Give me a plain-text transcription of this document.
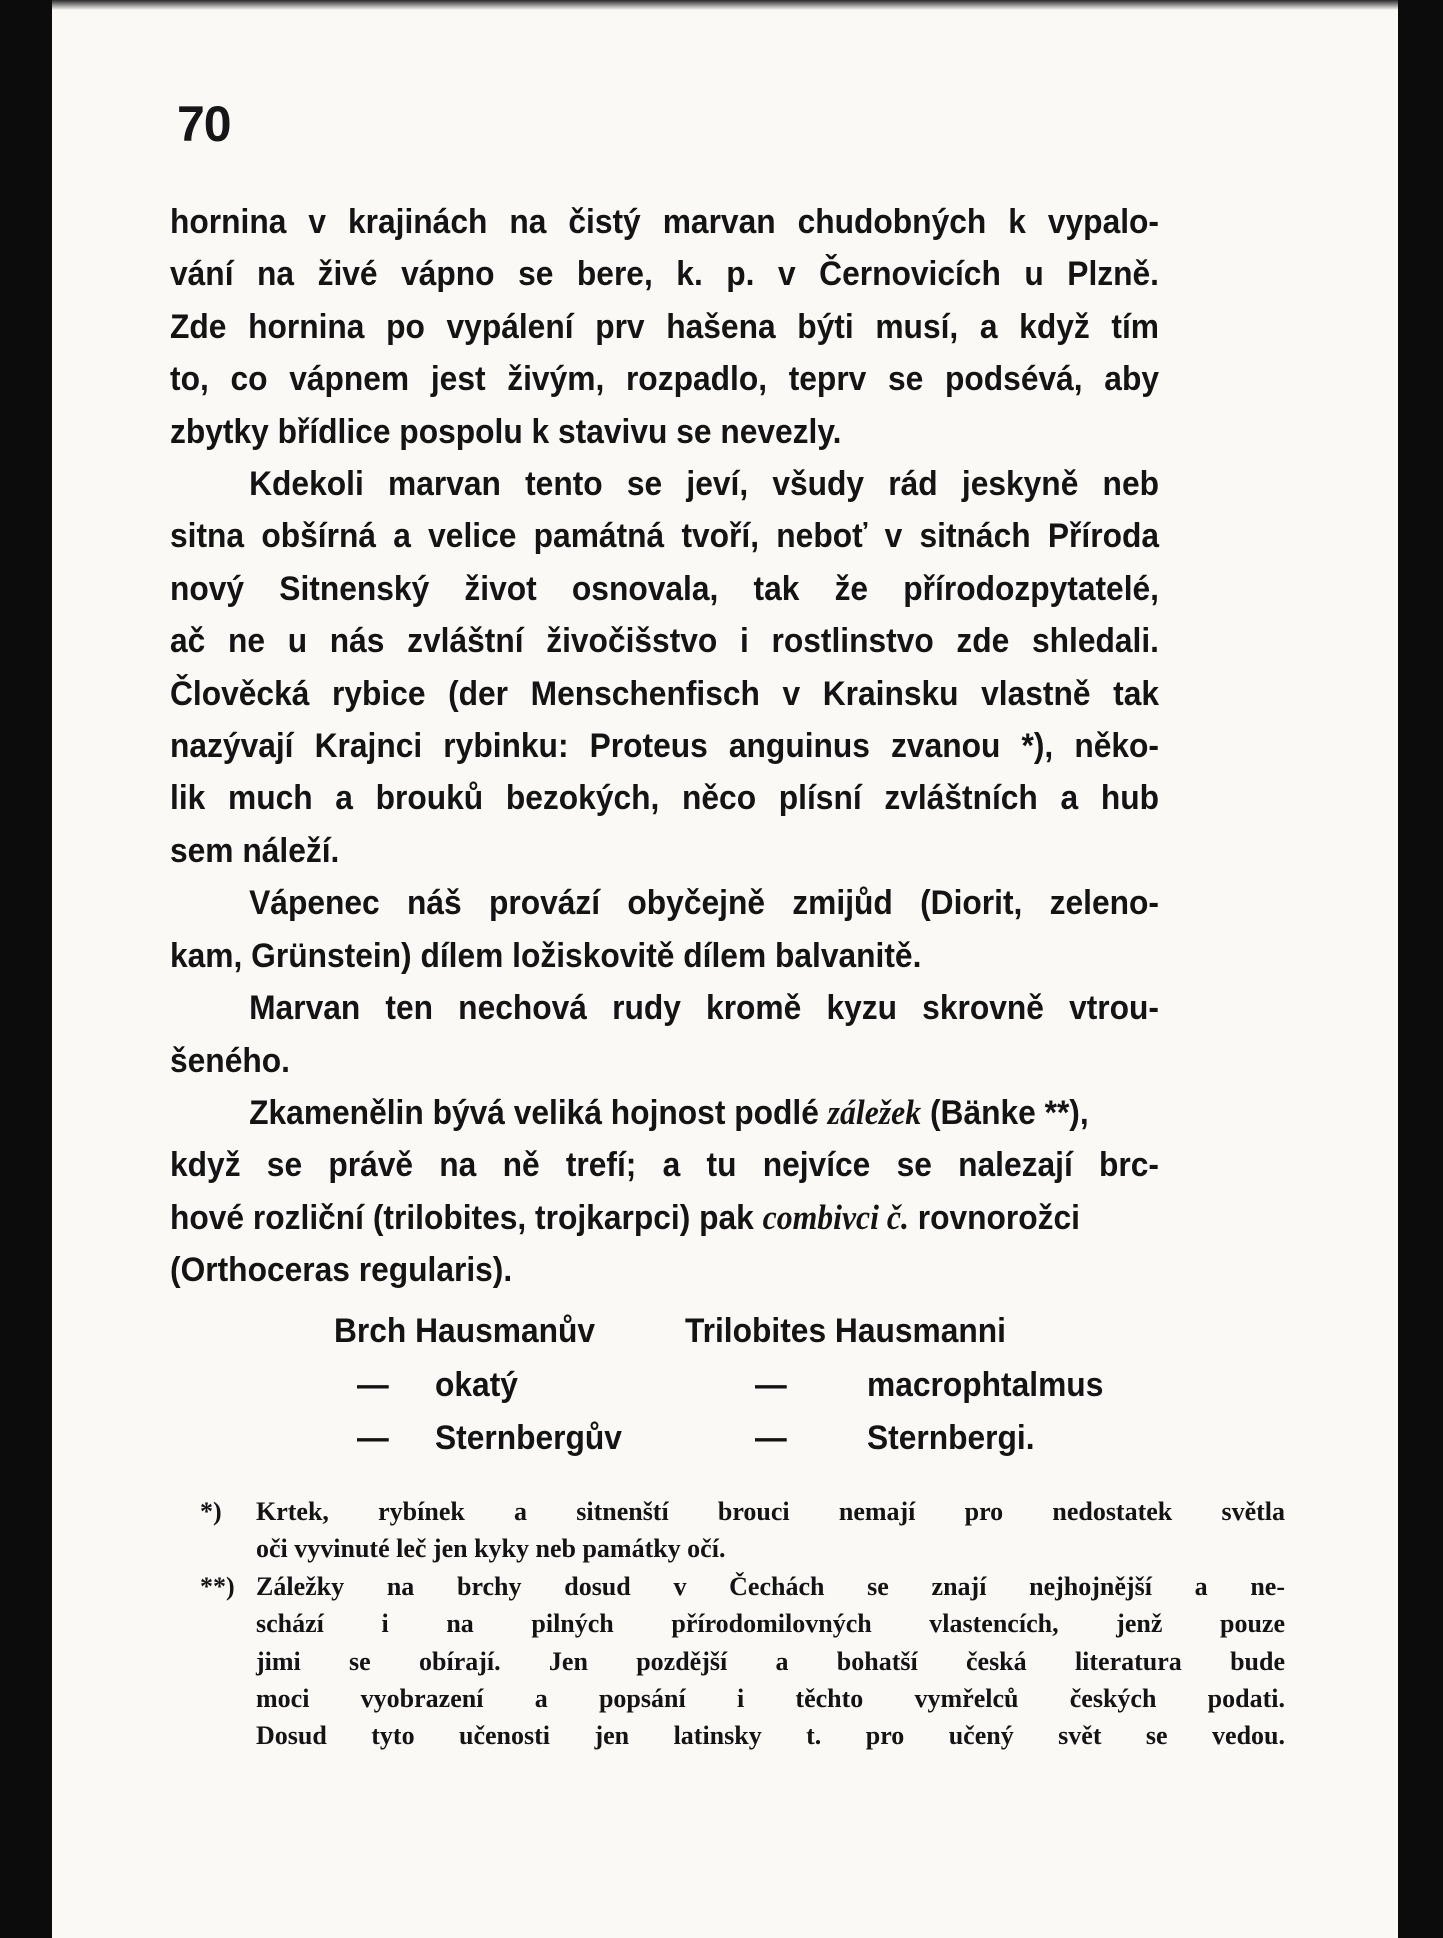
70
hornina v krajinách na čistý marvan chudobných k vypalo-
vání na živé vápno se bere, k. p. v Černovicích u Plzně.
Zde hornina po vypálení prv hašena býti musí, a když tím
to, co vápnem jest živým, rozpadlo, teprv se podsévá, aby
zbytky břídlice pospolu k stavivu se nevezly.
Kdekoli marvan tento se jeví, všudy rád jeskyně neb
sitna obšírná a velice památná tvoří, neboť v sitnách Příroda
nový Sitnenský život osnovala, tak že přírodozpytatelé,
ač ne u nás zvláštní živočišstvo i rostlinstvo zde shledali.
Člověcká rybice (der Menschenfisch v Krainsku vlastně tak
nazývají Krajnci rybinku: Proteus anguinus zvanou *), něko-
lik much a brouků bezokých, něco plísní zvláštních a hub
sem náleží.
Vápenec náš provází obyčejně zmijůd (Diorit, zeleno-
kam, Grünstein) dílem ložiskovitě dílem balvanitě.
Marvan ten nechová rudy kromě kyzu skrovně vtrou-
šeného.
Zkamenělin bývá veliká hojnost podlé záležek (Bänke **),
když se právě na ně trefí; a tu nejvíce se nalezají brc-
hové rozliční (trilobites, trojkarpci) pak combivci č. rovnorožci
(Orthoceras regularis).
Brch Hausmanův	Trilobites Hausmanni
— okatý	— macrophtalmus
— Sternbergův	— Sternbergi.
*) Krtek, rybínek a sitnenští brouci nemají pro nedostatek světla
oči vyvinuté leč jen kyky neb památky očí.
**) Záležky na brchy dosud v Čechách se znají nejhojnější a ne-
schází i na pilných přírodomilovných vlastencích, jenž pouze
jimi se obírají. Jen pozdější a bohatší česká literatura bude
moci vyobrazení a popsání i těchto vymřelců českých podati.
Dosud tyto učenosti jen latinsky t. pro učený svět se vedou.
